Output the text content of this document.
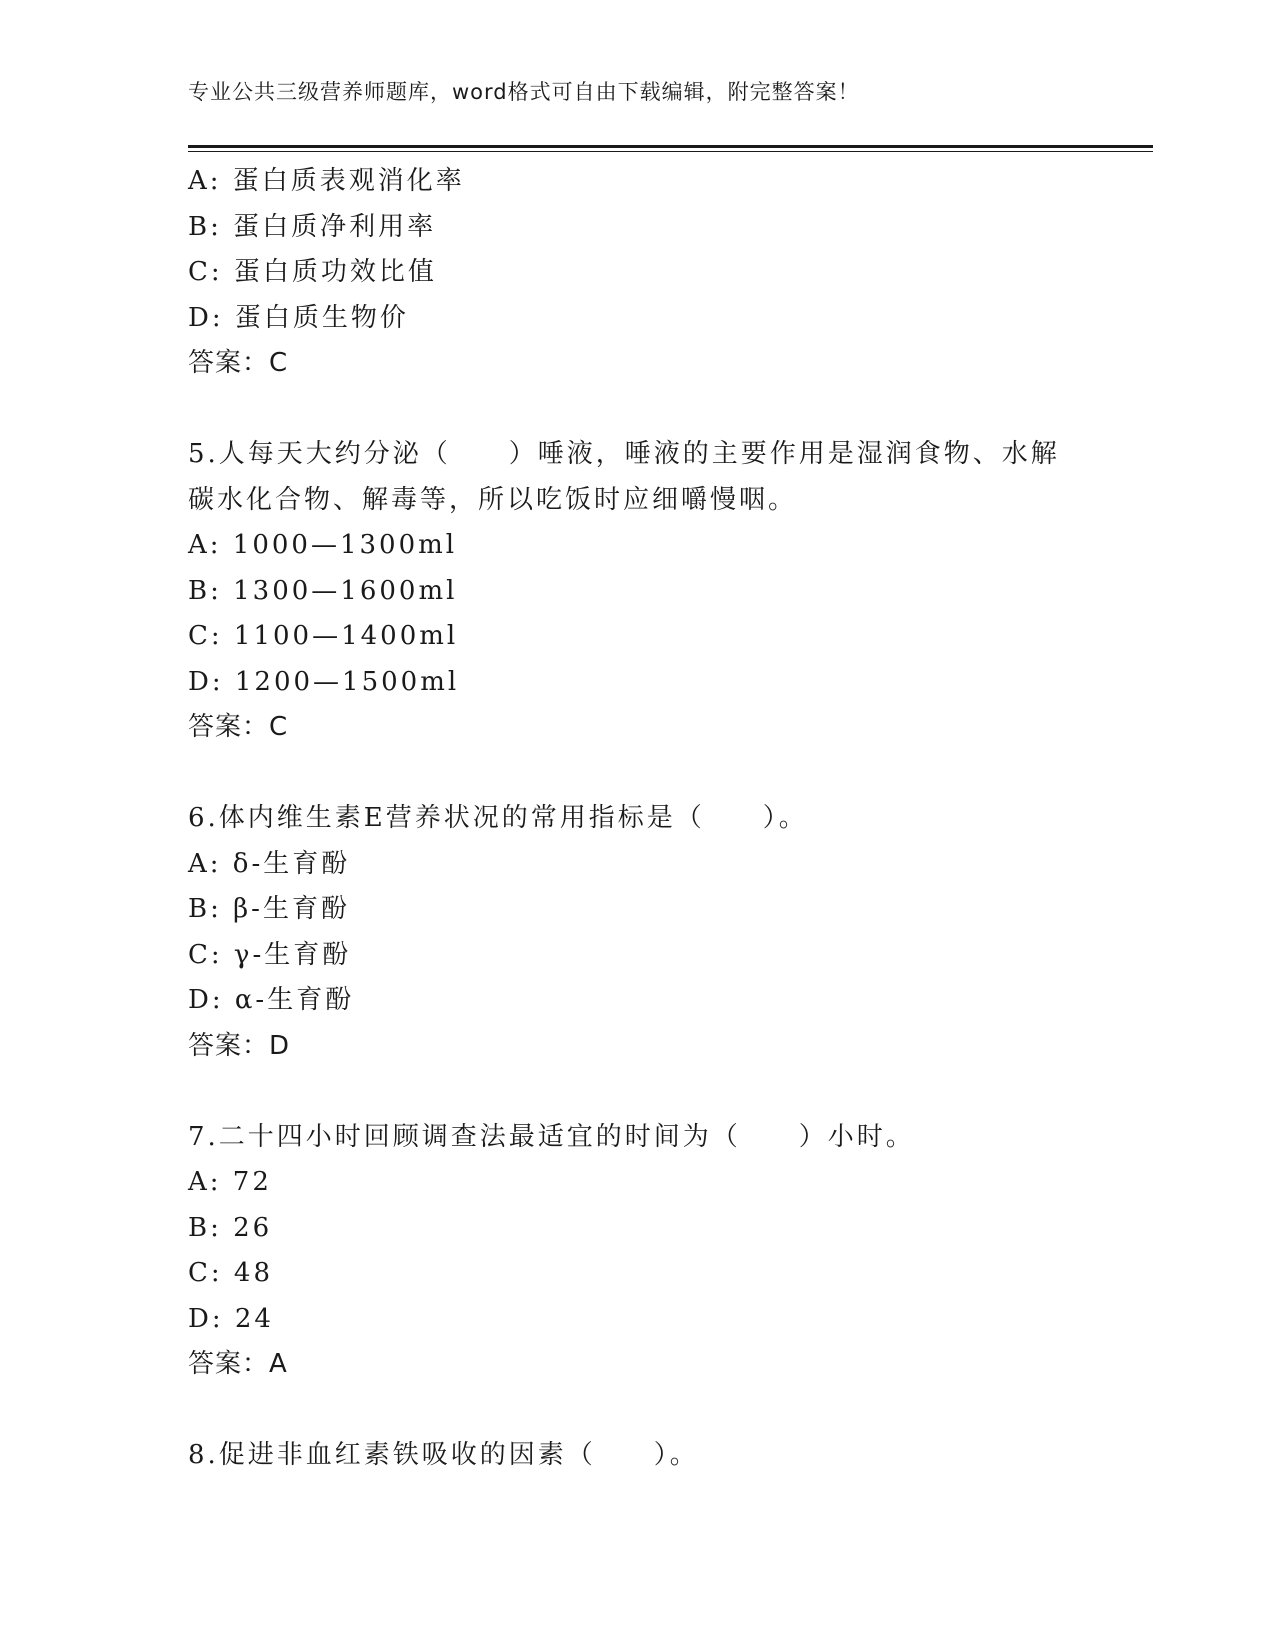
专业公共三级营养师题库，word格式可自由下载编辑，附完整答案！
A: 蛋白质表观消化率
B: 蛋白质净利用率
C: 蛋白质功效比值
D: 蛋白质生物价
答案：C
5.人每天大约分泌（　　）唾液，唾液的主要作用是湿润食物、水解
碳水化合物、解毒等，所以吃饭时应细嚼慢咽。
A: 1000—1300ml
B: 1300—1600ml
C: 1100—1400ml
D: 1200—1500ml
答案：C
6.体内维生素E营养状况的常用指标是（　　）。
A: δ-生育酚
B: β-生育酚
C: γ-生育酚
D: α-生育酚
答案：D
7.二十四小时回顾调查法最适宜的时间为（　　）小时。
A: 72
B: 26
C: 48
D: 24
答案：A
8.促进非血红素铁吸收的因素（　　）。
